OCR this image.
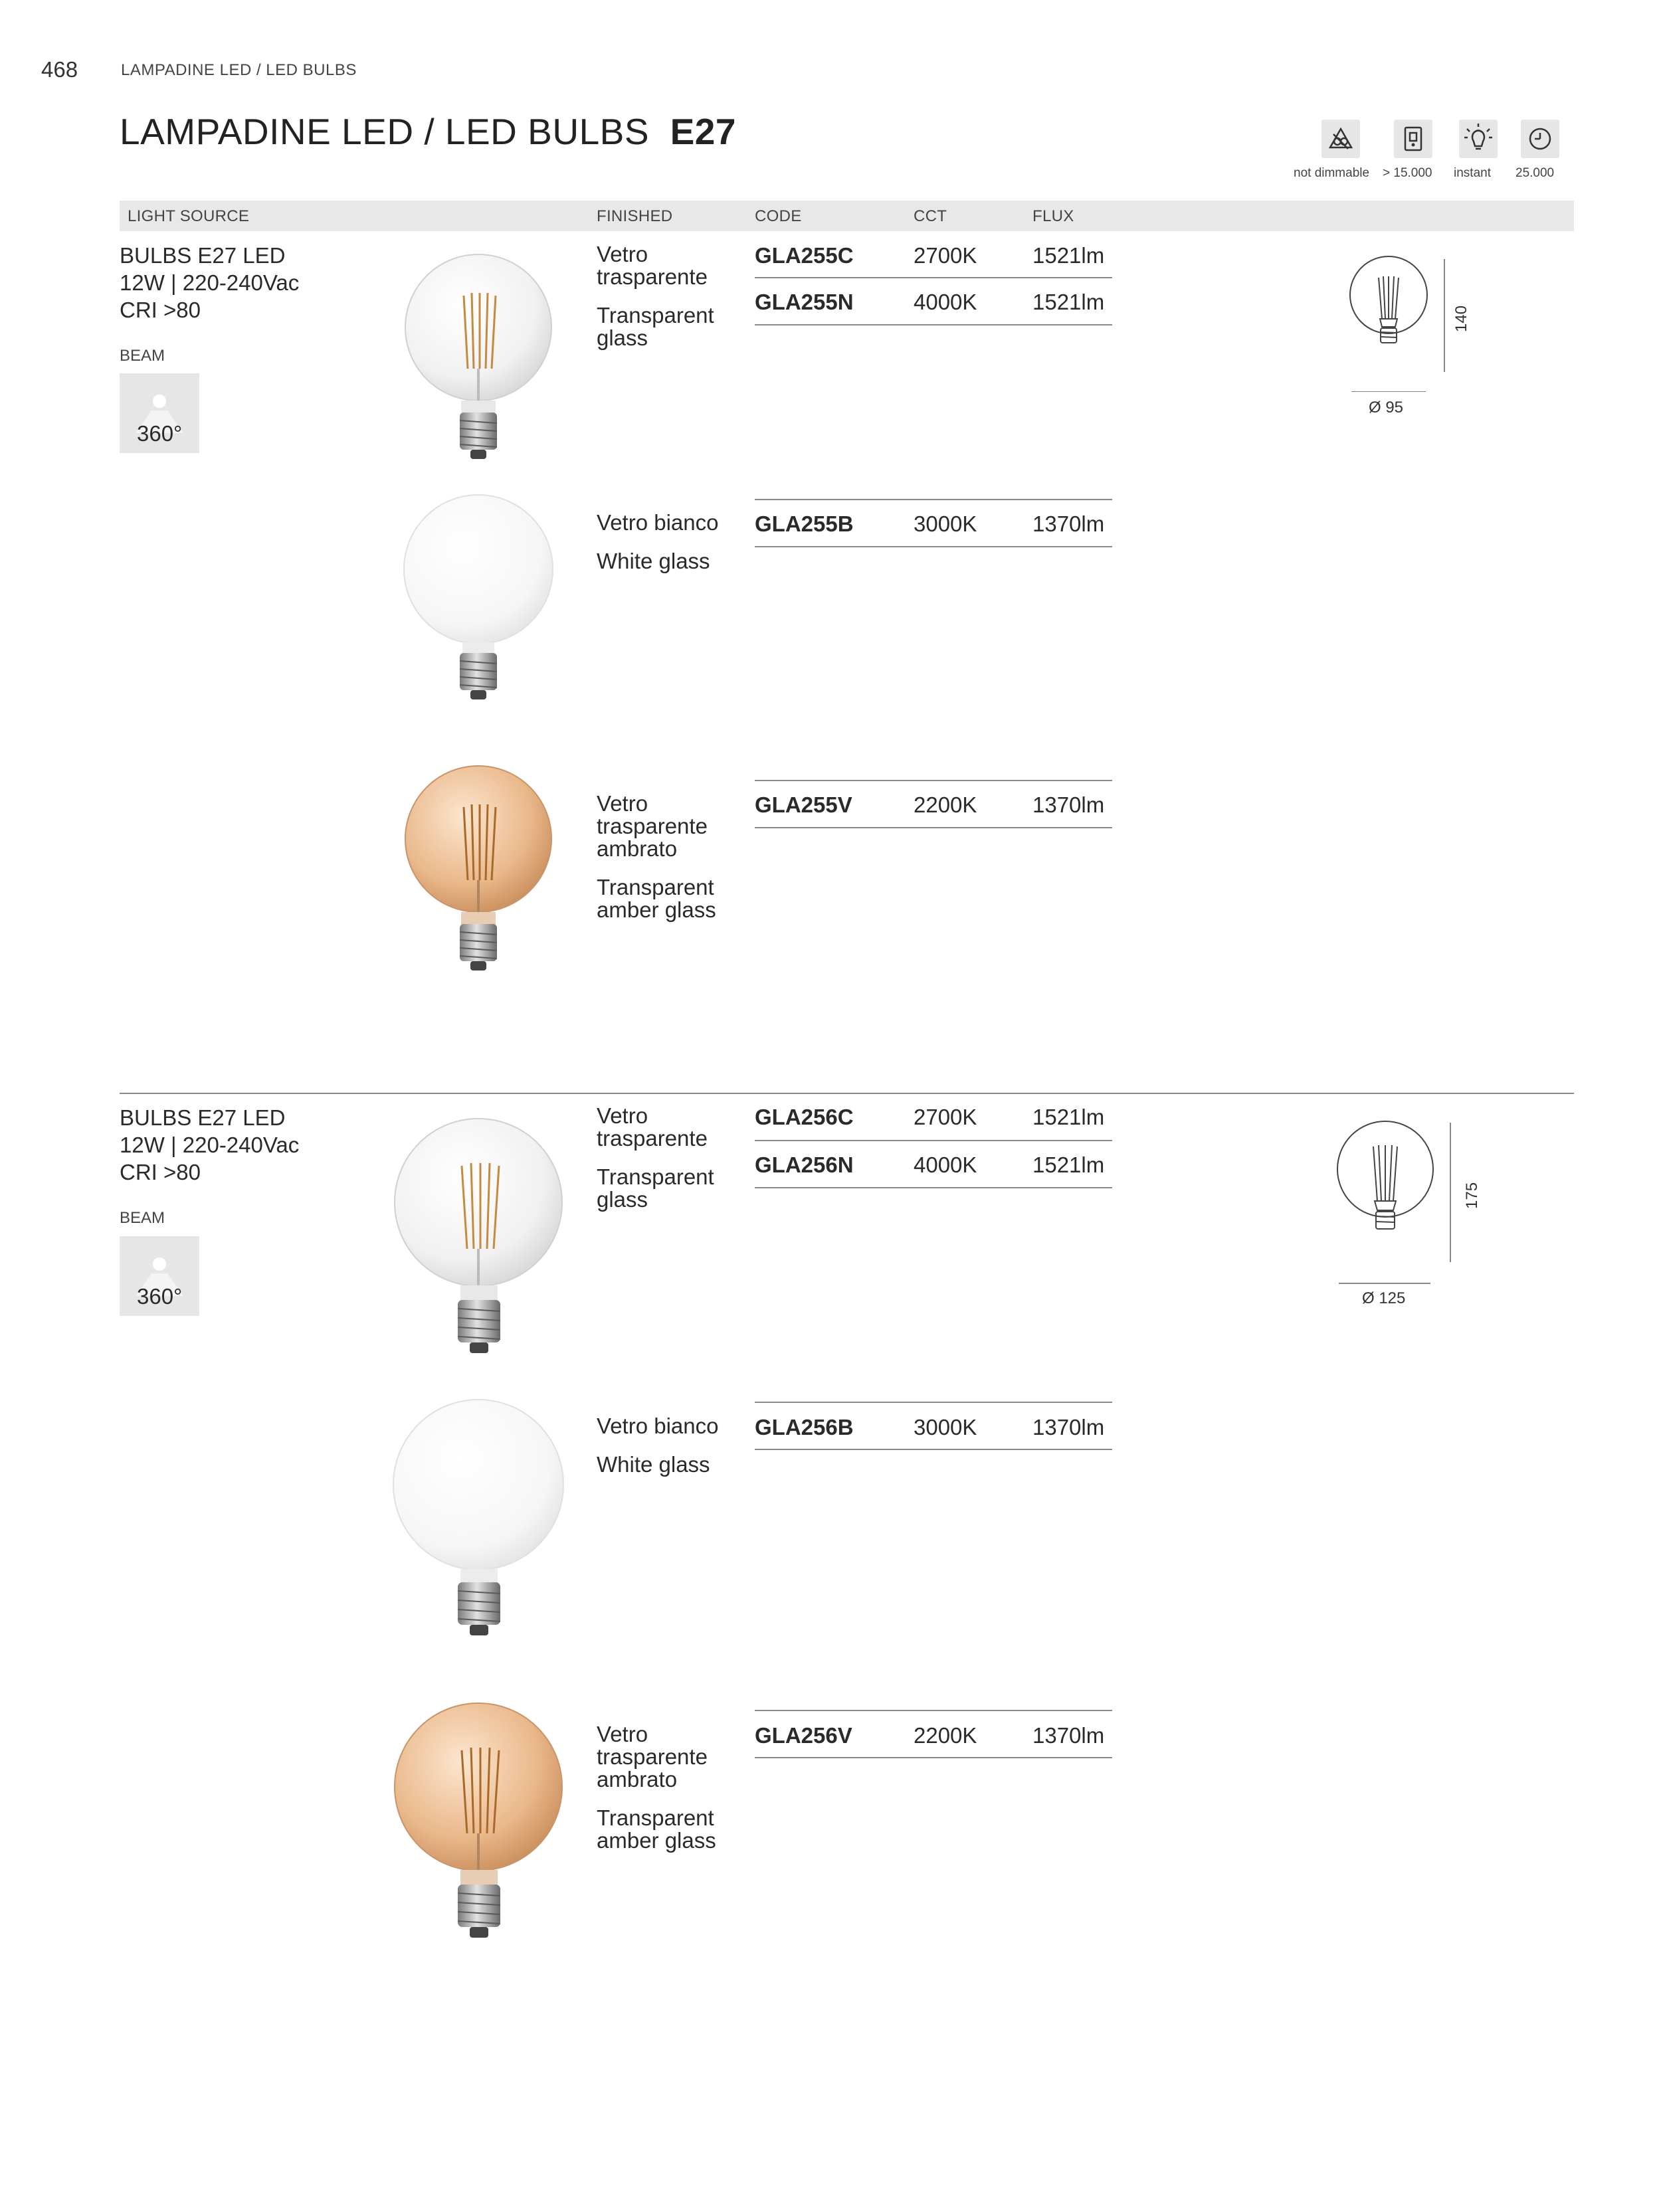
468	LAMPADINE LED / LED BULBS
LAMPADINE LED / LED BULBS E27
not dimmable > 15.000 instant 25.000
LIGHT SOURCE	FINISHED	CODE	CCT	FLUX
BULBS E27 LED
12W | 220-240Vac
CRI >80
BEAM
360°
Vetro trasparente
Transparent glass
GLA255C	2700K	1521lm
GLA255N	4000K	1521lm
Ø 95
140
Vetro bianco
White glass
GLA255B	3000K	1370lm
Vetro trasparente ambrato
Transparent amber glass
GLA255V	2200K	1370lm
BULBS E27 LED
12W | 220-240Vac
CRI >80
BEAM
360°
Vetro trasparente
Transparent glass
GLA256C	2700K	1521lm
GLA256N	4000K	1521lm
Ø 125
175
Vetro bianco
White glass
GLA256B	3000K	1370lm
Vetro trasparente ambrato
Transparent amber glass
GLA256V	2200K	1370lm
